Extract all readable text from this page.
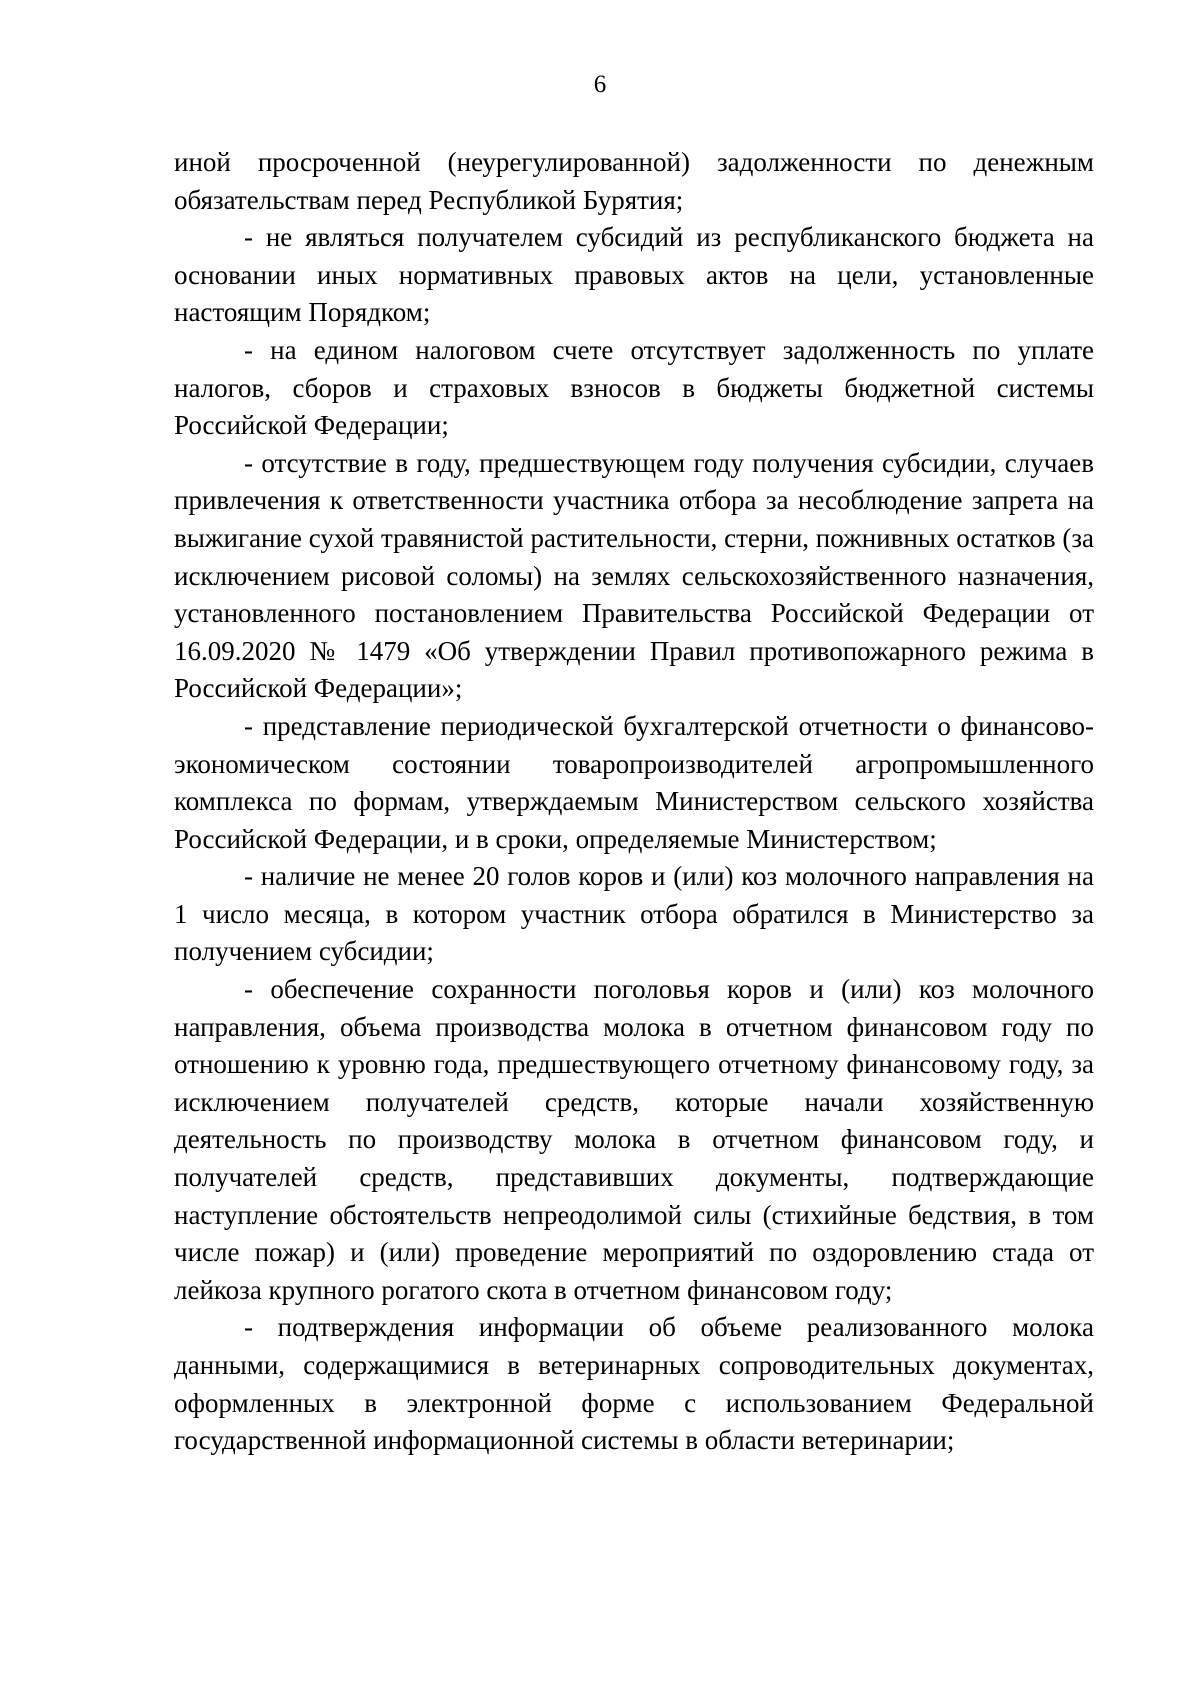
6

иной просроченной (неурегулированной) задолженности по денежным обязательствам перед Республикой Бурятия;

- не являться получателем субсидий из республиканского бюджета на основании иных нормативных правовых актов на цели, установленные настоящим Порядком;

- на едином налоговом счете отсутствует задолженность по уплате налогов, сборов и страховых взносов в бюджеты бюджетной системы Российской Федерации;

- отсутствие в году, предшествующем году получения субсидии, случаев привлечения к ответственности участника отбора за несоблюдение запрета на выжигание сухой травянистой растительности, стерни, пожнивных остатков (за исключением рисовой соломы) на землях сельскохозяйственного назначения, установленного постановлением Правительства Российской Федерации от 16.09.2020 № 1479 «Об утверждении Правил противопожарного режима в Российской Федерации»;

- представление периодической бухгалтерской отчетности о финансово-экономическом состоянии товаропроизводителей агропромышленного комплекса по формам, утверждаемым Министерством сельского хозяйства Российской Федерации, и в сроки, определяемые Министерством;

- наличие не менее 20 голов коров и (или) коз молочного направления на 1 число месяца, в котором участник отбора обратился в Министерство за получением субсидии;

- обеспечение сохранности поголовья коров и (или) коз молочного направления, объема производства молока в отчетном финансовом году по отношению к уровню года, предшествующего отчетному финансовому году, за исключением получателей средств, которые начали хозяйственную деятельность по производству молока в отчетном финансовом году, и получателей средств, представивших документы, подтверждающие наступление обстоятельств непреодолимой силы (стихийные бедствия, в том числе пожар) и (или) проведение мероприятий по оздоровлению стада от лейкоза крупного рогатого скота в отчетном финансовом году;

- подтверждения информации об объеме реализованного молока данными, содержащимися в ветеринарных сопроводительных документах, оформленных в электронной форме с использованием Федеральной государственной информационной системы в области ветеринарии;
